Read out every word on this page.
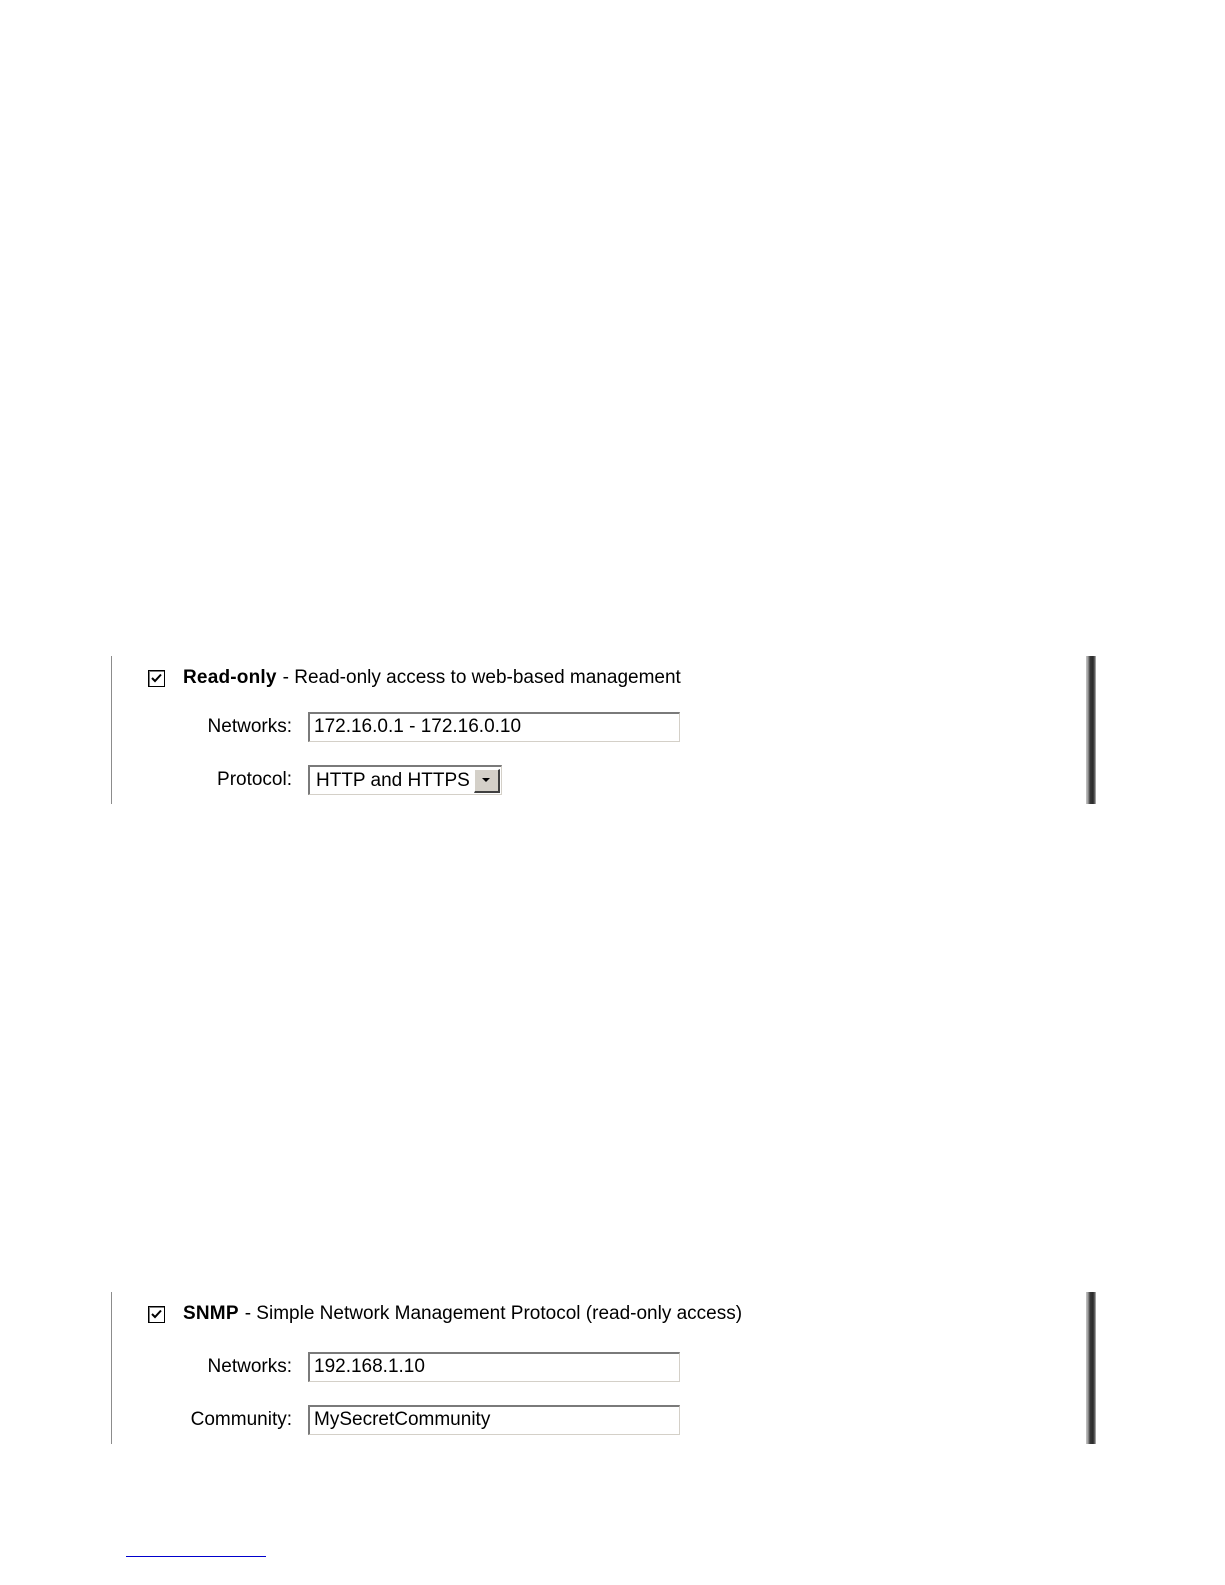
Read-only - Read-only access to web-based management
Networks:	172.16.0.1 - 172.16.0.10
Protocol:	HTTP and HTTPS
SNMP - Simple Network Management Protocol (read-only access)
Networks:	192.168.1.10
Community:	MySecretCommunity
